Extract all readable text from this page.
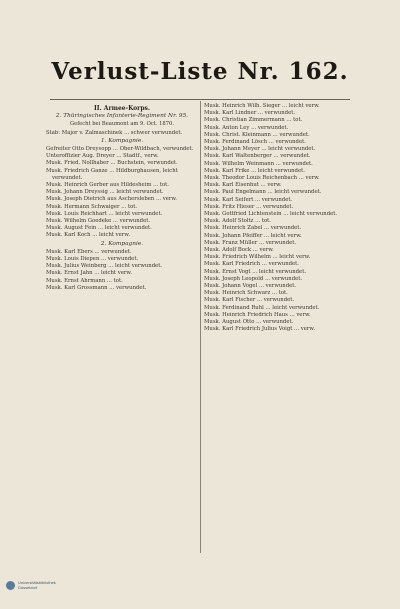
Verlust-Liste Nr. 162.
II. Armee-Korps.
2. Thüringisches Infanterie-Regiment Nr. 95.
Gefecht bei Beaumont am 9. Oct. 1870.

Stab: Major v. Zalmaschinek ... schwer verwundet.

1. Kompagnie.

Gefreiter Otto Dreysopp ... Ober-Wildbach, verwundet.

Unteroffizier Aug. Dreyer ... Stadtf., verw.

Musk. Fried. Nollhaber ... Buchstein, verwundet.

Musk. Friedrich Ganze ... Hildburghausen, leicht verwundet.

Musk. Heinrich Gerber aus Hildesheim ... tot.

Musk. Johann Dreyssig ... leicht verwundet.

Musk. Joseph Dietrich aus Aschersleben ... verw.

Musk. Hermann Schwaiger ... tot.

Musk. Louis Reichhart ... leicht verwundet.

Musk. Wilhelm Goedeke ... verwundet.

Musk. August Fein ... leicht verwundet.

Musk. Karl Koch ... leicht verw.

2. Kompagnie.

Musk. Karl Ebers ... verwundet.

Musk. Louis Diepen ... verwundet.

Musk. Julius Weinberg ... leicht verwundet.

Musk. Ernst Jahn ... leicht verw.

Musk. Ernst Ahrmann ... tot.

Musk. Karl Grossmann ... verwundet.

Musk. Heinrich Wilh. Sieger ... leicht verw.

Musk. Karl Lindner ... verwundet.

Musk. Christian Zimmermann ... tot.

Musk. Anton Ley ... verwundet.

Musk. Christ. Kleinmann ... verwundet.

Musk. Ferdinand Lösch ... verwundet.

Musk. Johann Meyer ... leicht verwundet.

Musk. Karl Waltenberger ... verwundet.

Musk. Wilhelm Weinmann ... verwundet.

Musk. Karl Frike ... leicht verwundet.

Musk. Theodor Louis Reichenbach ... verw.

Musk. Karl Eisenhut ... verw.

Musk. Paul Engelmann ... leicht verwundet.

Musk. Karl Seifert ... verwundet.

Musk. Fritz Hieser ... verwundet.

Musk. Gottfried Lichtenstein ... leicht verwundet.

Musk. Adolf Stoltz ... tot.

Musk. Heinrich Zabel ... verwundet.

Musk. Johann Pfeiffer ... leicht verw.

Musk. Franz Müller ... verwundet.

Musk. Adolf Bock ... verw.

Musk. Friedrich Wilhelm ... leicht verw.

Musk. Karl Friedrich ... verwundet.

Musk. Ernst Vogt ... leicht verwundet.

Musk. Joseph Leopold ... verwundet.

Musk. Johann Vogel ... verwundet.

Musk. Heinrich Schwarz ... tot.

Musk. Karl Fischer ... verwundet.

Musk. Ferdinand Ruhl ... leicht verwundet.

Musk. Heinrich Friedrich Haus ... verw.

Musk. August Otto ... verwundet.

Musk. Karl Friedrich Julius Voigt ... verw.

Universitätsbibliothek
Düsseldorf
